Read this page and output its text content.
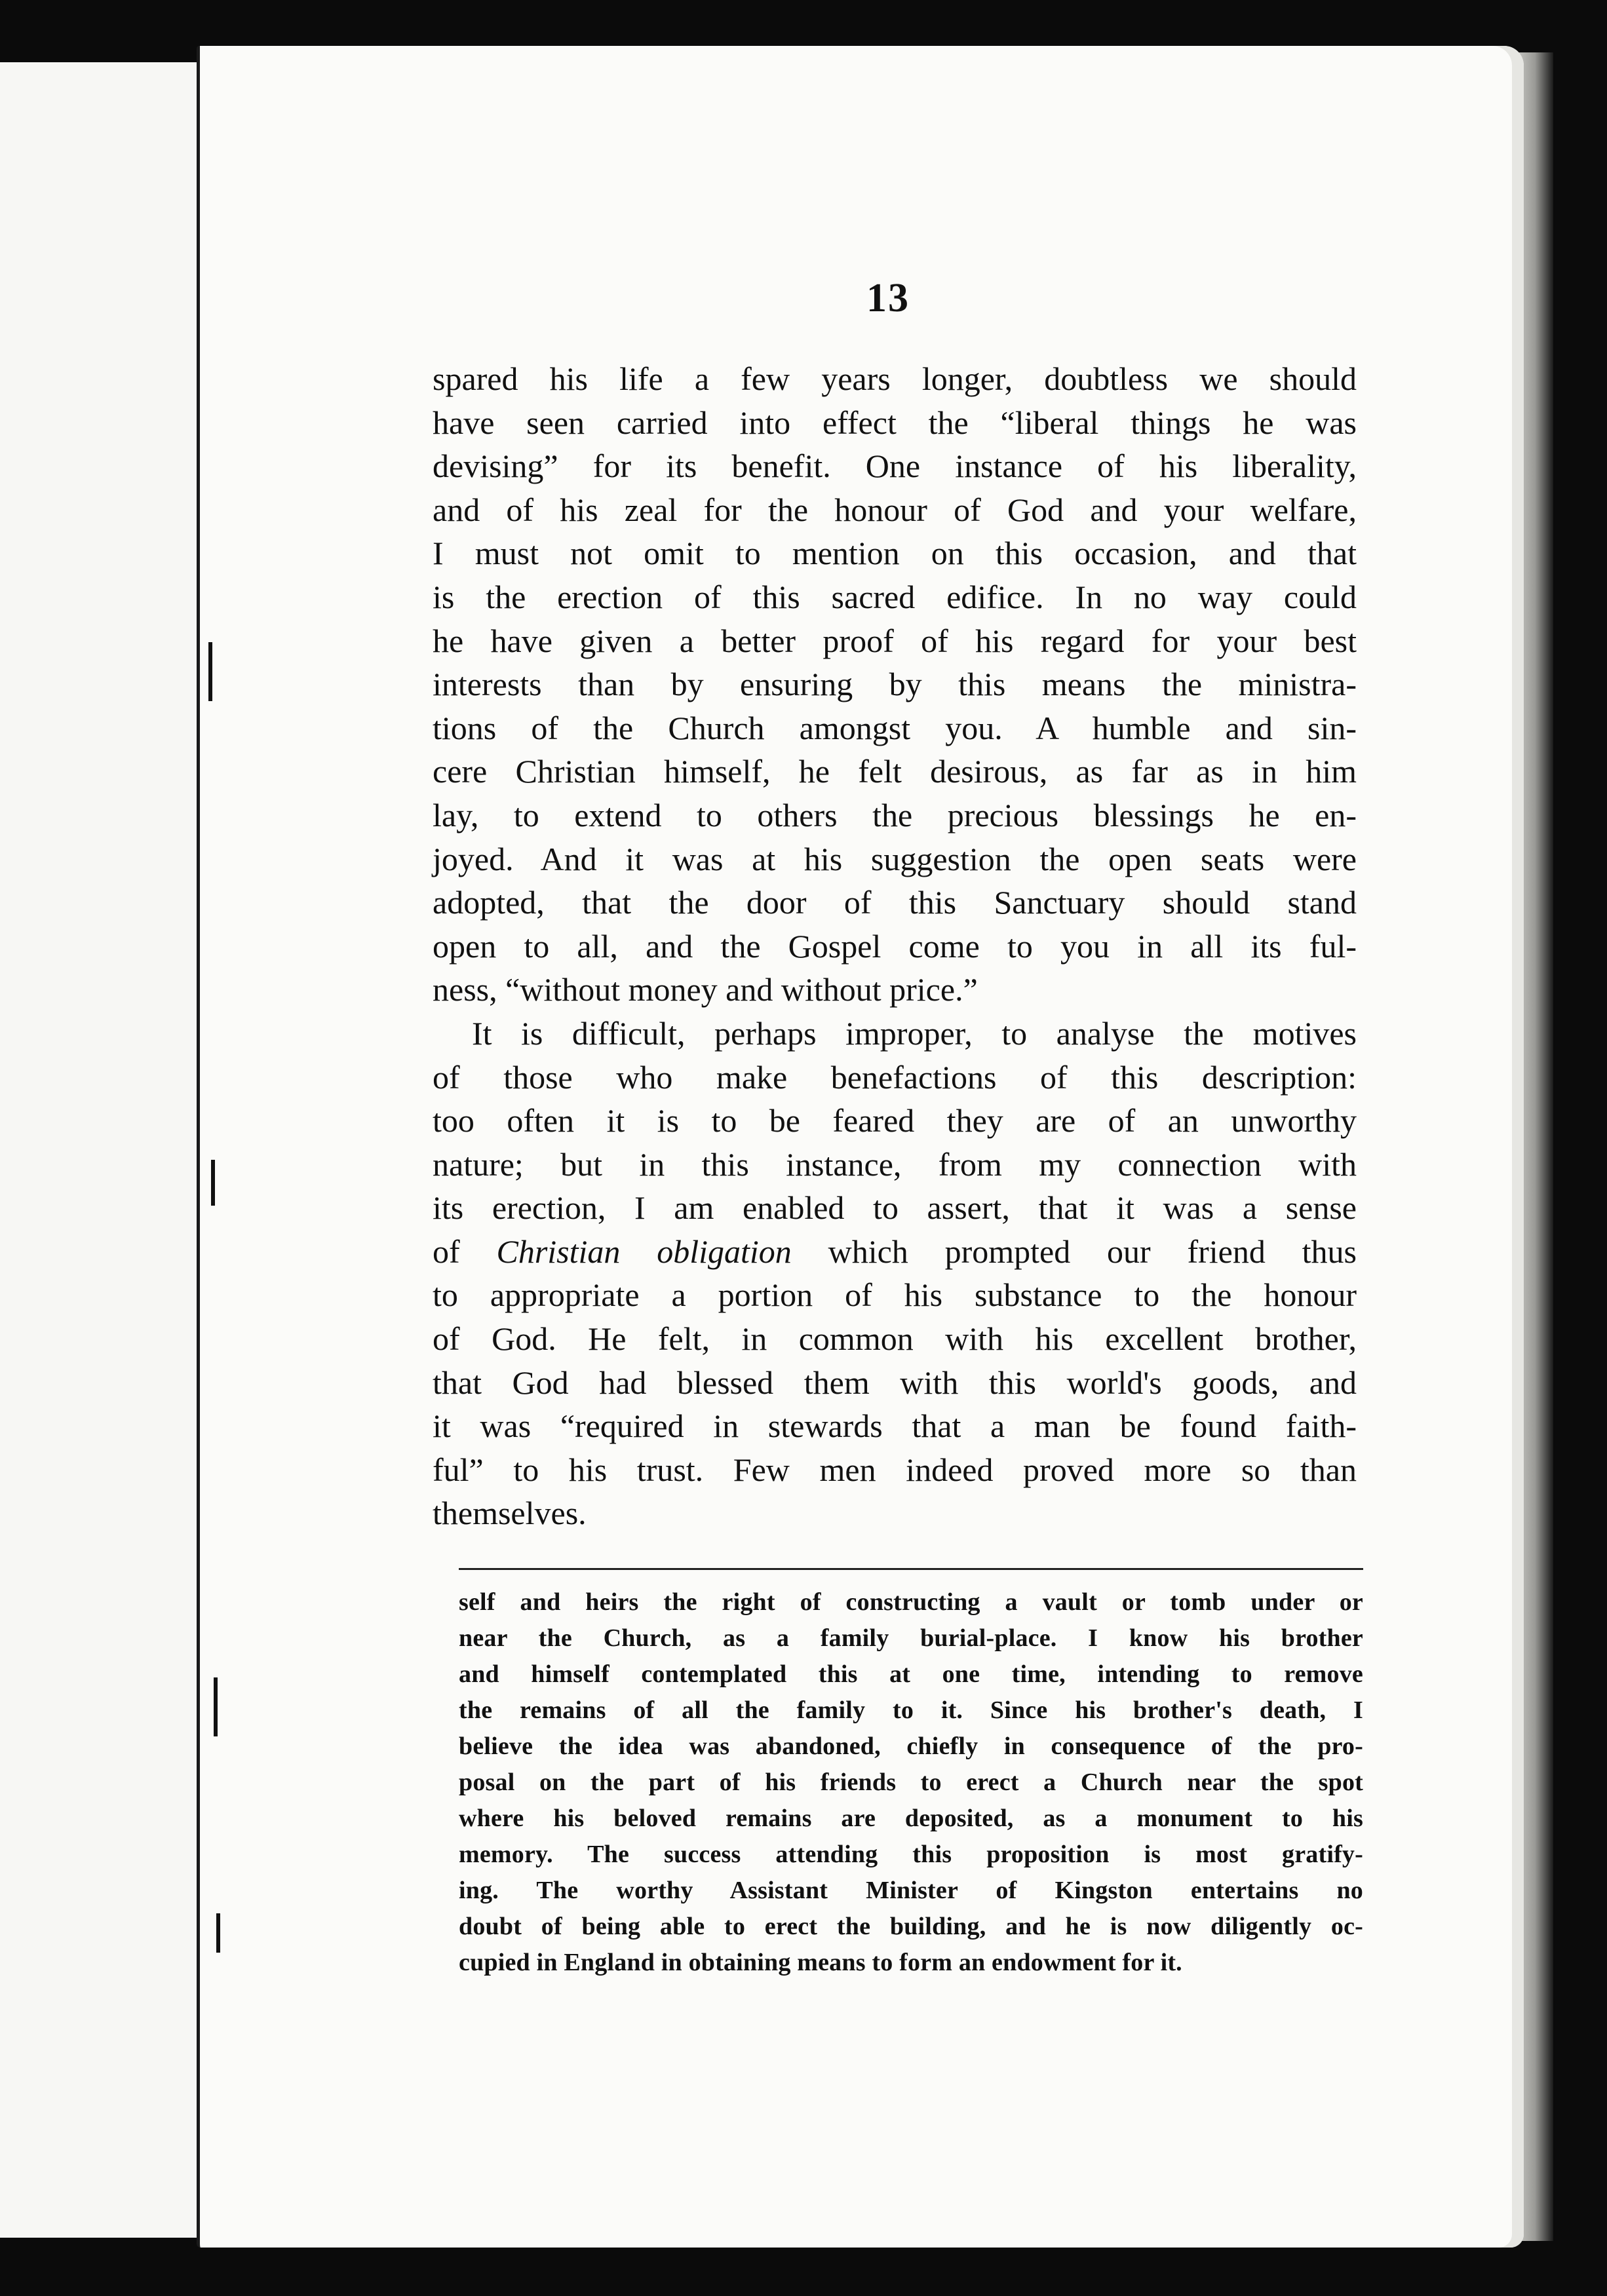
13
spared his life a few years longer, doubtless we should
have seen carried into effect the “liberal things he was
devising” for its benefit. One instance of his liberality,
and of his zeal for the honour of God and your welfare,
I must not omit to mention on this occasion, and that
is the erection of this sacred edifice. In no way could
he have given a better proof of his regard for your best
interests than by ensuring by this means the ministra-
tions of the Church amongst you. A humble and sin-
cere Christian himself, he felt desirous, as far as in him
lay, to extend to others the precious blessings he en-
joyed. And it was at his suggestion the open seats were
adopted, that the door of this Sanctuary should stand
open to all, and the Gospel come to you in all its ful-
ness, “without money and without price.”
It is difficult, perhaps improper, to analyse the motives
of those who make benefactions of this description:
too often it is to be feared they are of an unworthy
nature; but in this instance, from my connection with
its erection, I am enabled to assert, that it was a sense
of Christian obligation which prompted our friend thus
to appropriate a portion of his substance to the honour
of God. He felt, in common with his excellent brother,
that God had blessed them with this world's goods, and
it was “required in stewards that a man be found faith-
ful” to his trust. Few men indeed proved more so than
themselves.
self and heirs the right of constructing a vault or tomb under or
near the Church, as a family burial-place. I know his brother
and himself contemplated this at one time, intending to remove
the remains of all the family to it. Since his brother's death, I
believe the idea was abandoned, chiefly in consequence of the pro-
posal on the part of his friends to erect a Church near the spot
where his beloved remains are deposited, as a monument to his
memory. The success attending this proposition is most gratify-
ing. The worthy Assistant Minister of Kingston entertains no
doubt of being able to erect the building, and he is now diligently oc-
cupied in England in obtaining means to form an endowment for it.
